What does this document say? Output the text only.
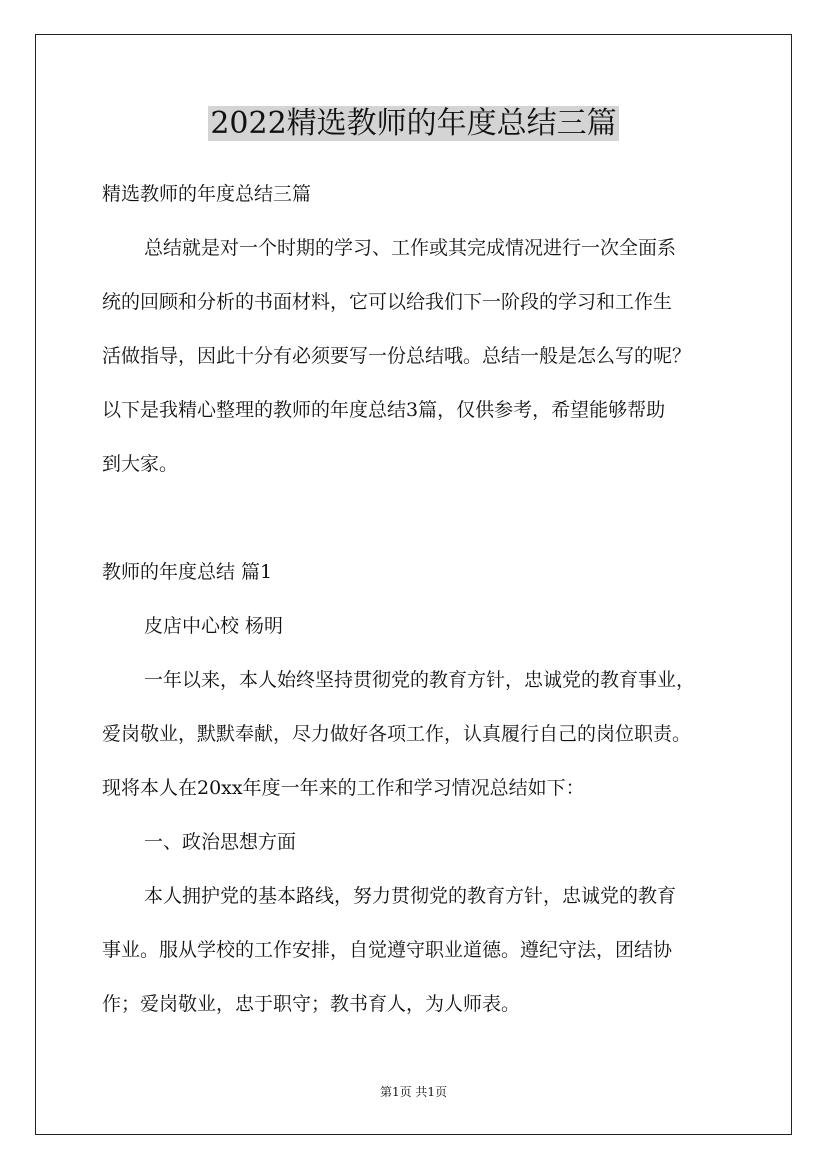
2022精选教师的年度总结三篇
精选教师的年度总结三篇
总结就是对一个时期的学习、工作或其完成情况进行一次全面系
统的回顾和分析的书面材料，它可以给我们下一阶段的学习和工作生
活做指导，因此十分有必须要写一份总结哦。总结一般是怎么写的呢？
以下是我精心整理的教师的年度总结3篇，仅供参考，希望能够帮助
到大家。
教师的年度总结 篇1
皮店中心校 杨明
一年以来，本人始终坚持贯彻党的教育方针，忠诚党的教育事业，
爱岗敬业，默默奉献，尽力做好各项工作，认真履行自己的岗位职责。
现将本人在20xx年度一年来的工作和学习情况总结如下：
一、政治思想方面
本人拥护党的基本路线，努力贯彻党的教育方针，忠诚党的教育
事业。服从学校的工作安排，自觉遵守职业道德。遵纪守法，团结协
作；爱岗敬业，忠于职守；教书育人，为人师表。
第1页 共1页
